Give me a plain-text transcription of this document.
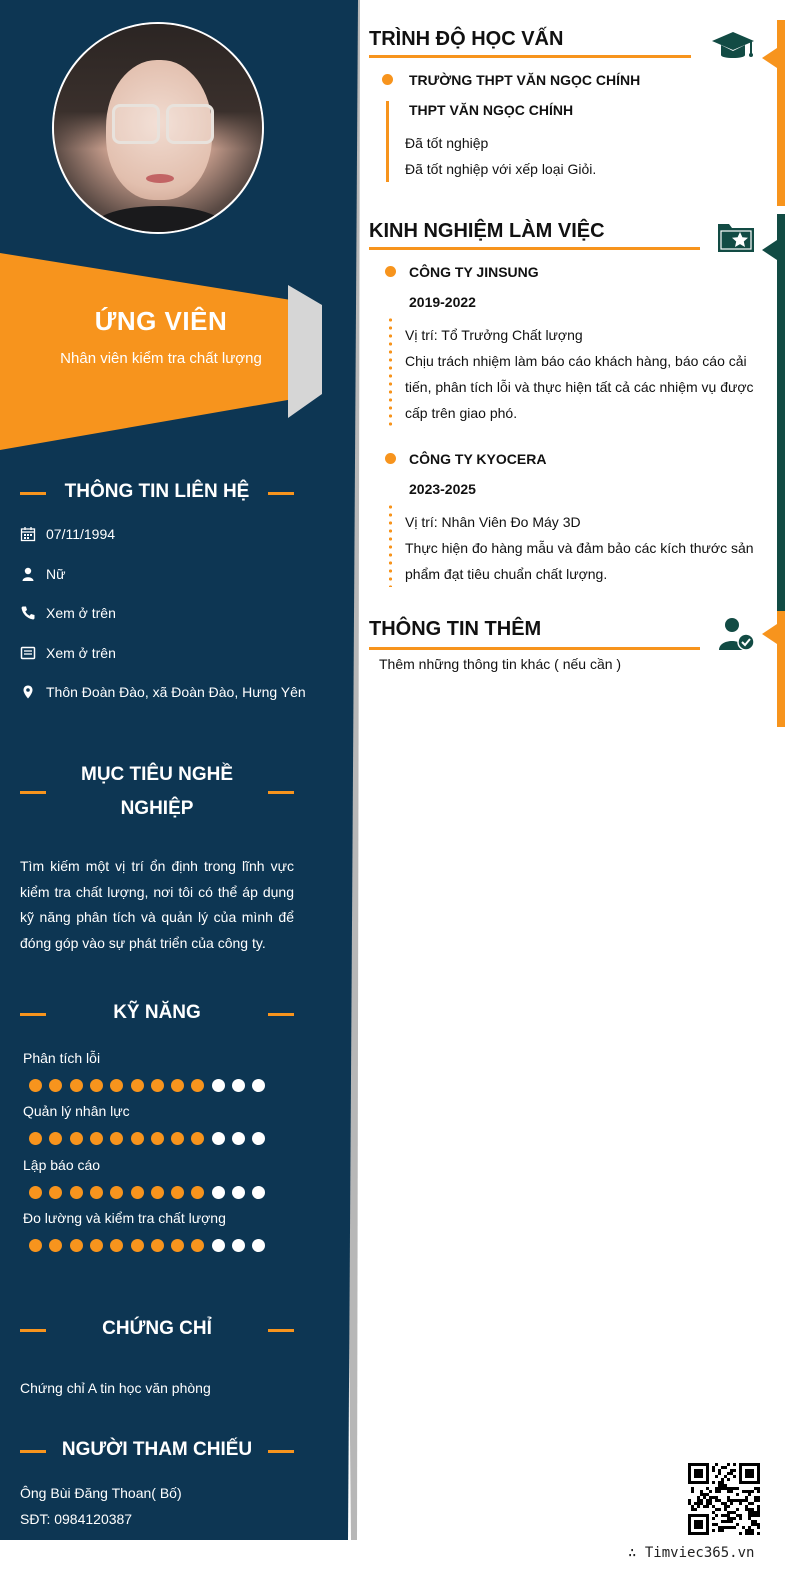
ỨNG VIÊN
Nhân viên kiểm tra chất lượng
THÔNG TIN LIÊN HỆ
07/11/1994
Nữ
Xem ở trên
Xem ở trên
Thôn Đoàn Đào, xã Đoàn Đào, Hưng Yên
MỤC TIÊU NGHỀ
NGHIỆP
Tìm kiếm một vị trí ổn định trong lĩnh vực kiểm tra chất lượng, nơi tôi có thể áp dụng kỹ năng phân tích và quản lý của mình để đóng góp vào sự phát triển của công ty.
KỸ NĂNG
Phân tích lỗi
Quản lý nhân lực
Lập báo cáo
Đo lường và kiểm tra chất lượng
CHỨNG CHỈ
Chứng chỉ A tin học văn phòng
NGƯỜI THAM CHIẾU
Ông Bùi Đăng Thoan( Bố)
SĐT: 0984120387
TRÌNH ĐỘ HỌC VẤN
TRƯỜNG THPT VĂN NGỌC CHÍNH
THPT VĂN NGỌC CHÍNH
Đã tốt nghiệp
Đã tốt nghiệp với xếp loại Giỏi.
KINH NGHIỆM LÀM VIỆC
CÔNG TY JINSUNG
2019-2022
Vị trí: Tổ Trưởng Chất lượng
Chịu trách nhiệm làm báo cáo khách hàng, báo cáo cải
tiến, phân tích lỗi và thực hiện tất cả các nhiệm vụ được
cấp trên giao phó.
CÔNG TY KYOCERA
2023-2025
Vị trí: Nhân Viên Đo Máy 3D
Thực hiện đo hàng mẫu và đảm bảo các kích thước sản
phẩm đạt tiêu chuẩn chất lượng.
THÔNG TIN THÊM
Thêm những thông tin khác ( nếu cần )
∴ Timviec365.vn
